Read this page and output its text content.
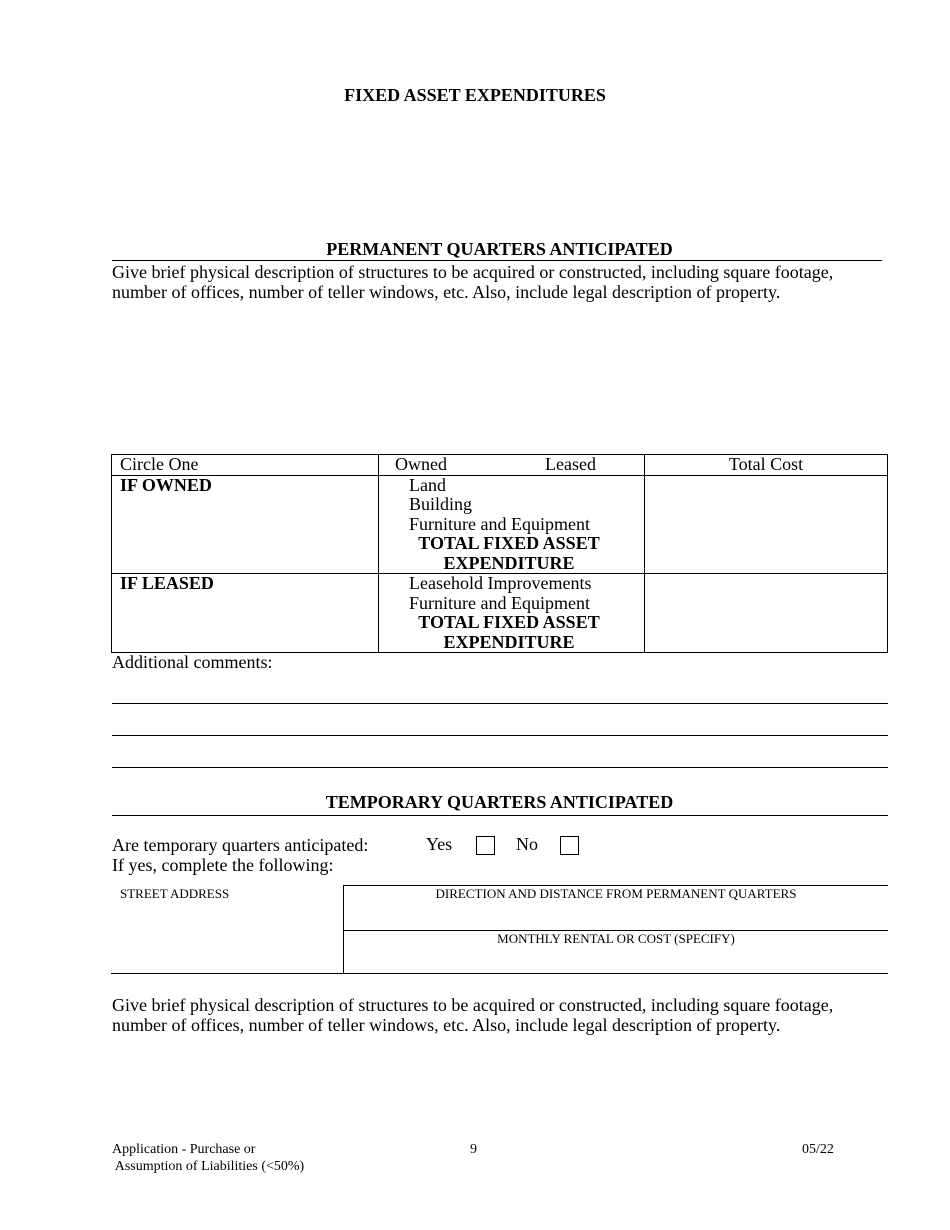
FIXED ASSET EXPENDITURES
PERMANENT QUARTERS ANTICIPATED
Give brief physical description of structures to be acquired or constructed, including square footage,
number of offices, number of teller windows, etc. Also, include legal description of property.
Circle One	Owned Leased	Total Cost
IF OWNED	Land
Building
Furniture and Equipment
TOTAL FIXED ASSET
EXPENDITURE	

IF LEASED	Leasehold Improvements
Furniture and Equipment
TOTAL FIXED ASSET
EXPENDITURE	

Additional comments:
TEMPORARY QUARTERS ANTICIPATED
Are temporary quarters anticipated:
If yes, complete the following:
Yes	No
STREET ADDRESS	DIRECTION AND DISTANCE FROM PERMANENT QUARTERS
MONTHLY RENTAL OR COST (SPECIFY)
Give brief physical description of structures to be acquired or constructed, including square footage,
number of offices, number of teller windows, etc. Also, include legal description of property.
Application - Purchase or
Assumption of Liabilities (<50%)
9	05/22
